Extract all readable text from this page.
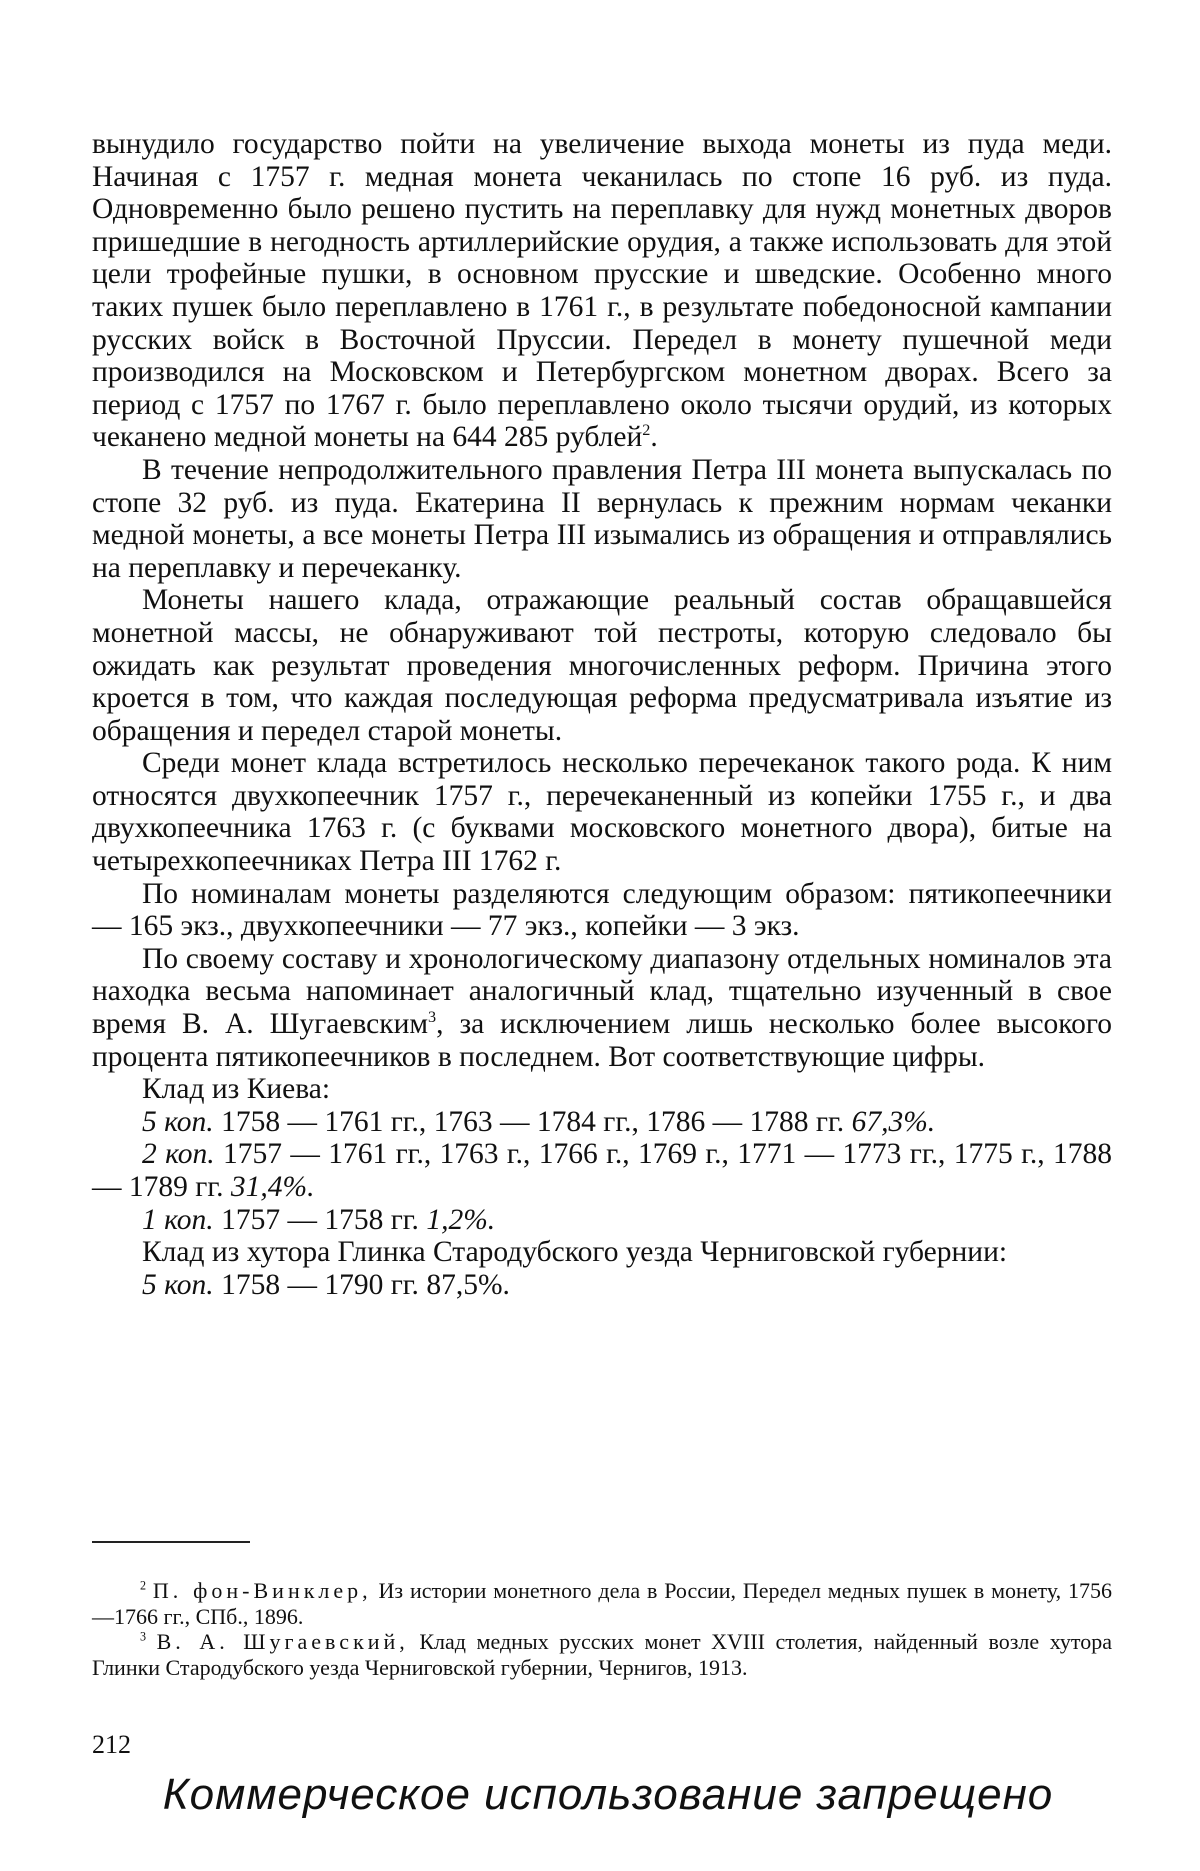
вынудило государство пойти на увеличение выхода монеты из пуда меди. Начиная с 1757 г. медная монета чеканилась по стопе 16 руб. из пуда. Одновременно было решено пустить на переплавку для нужд монетных дворов пришедшие в негодность артиллерийские орудия, а также использовать для этой цели трофейные пушки, в основном прусские и шведские. Особенно много таких пушек было переплавлено в 1761 г., в результате победоносной кампании русских войск в Восточной Пруссии. Передел в монету пушечной меди производился на Московском и Петербургском монетном дворах. Всего за период с 1757 по 1767 г. было переплавлено около тысячи орудий, из которых чеканено медной монеты на 644 285 рублей$^2$.

В течение непродолжительного правления Петра III монета выпускалась по стопе 32 руб. из пуда. Екатерина II вернулась к прежним нормам чеканки медной монеты, а все монеты Петра III изымались из обращения и отправлялись на переплавку и перечеканку.

Монеты нашего клада, отражающие реальный состав обращавшейся монетной массы, не обнаруживают той пестроты, которую следовало бы ожидать как результат проведения многочисленных реформ. Причина этого кроется в том, что каждая последующая реформа предусматривала изъятие из обращения и передел старой монеты.

Среди монет клада встретилось несколько перечеканок такого рода. К ним относятся двухкопеечник 1757 г., перечеканенный из копейки 1755 г., и два двухкопеечника 1763 г. (с буквами московского монетного двора), битые на четырехкопеечниках Петра III 1762 г.

По номиналам монеты разделяются следующим образом: пятикопеечники — 165 экз., двухкопеечники — 77 экз., копейки — 3 экз.

По своему составу и хронологическому диапазону отдельных номиналов эта находка весьма напоминает аналогичный клад, тщательно изученный в свое время В. А. Шугаевским$^3$, за исключением лишь несколько более высокого процента пятикопеечников в последнем. Вот соответствующие цифры.

Клад из Киева:

5 коп. 1758 — 1761 гг., 1763 — 1784 гг., 1786 — 1788 гг. 67,3%.

2 коп. 1757 — 1761 гг., 1763 г., 1766 г., 1769 г., 1771 — 1773 гг., 1775 г., 1788 — 1789 гг. 31,4%.

1 коп. 1757 — 1758 гг. 1,2%.

Клад из хутора Глинка Стародубского уезда Черниговской губернии:

5 коп. 1758 — 1790 гг. 87,5%.

$^2$ П. фон-Винклер, Из истории монетного дела в России, Передел медных пушек в монету, 1756—1766 гг., СПб., 1896.

$^3$ В. А. Шугаевский, Клад медных русских монет XVIII столетия, найденный возле хутора Глинки Стародубского уезда Черниговской губернии, Чернигов, 1913.

212
Коммерческое использование запрещено
